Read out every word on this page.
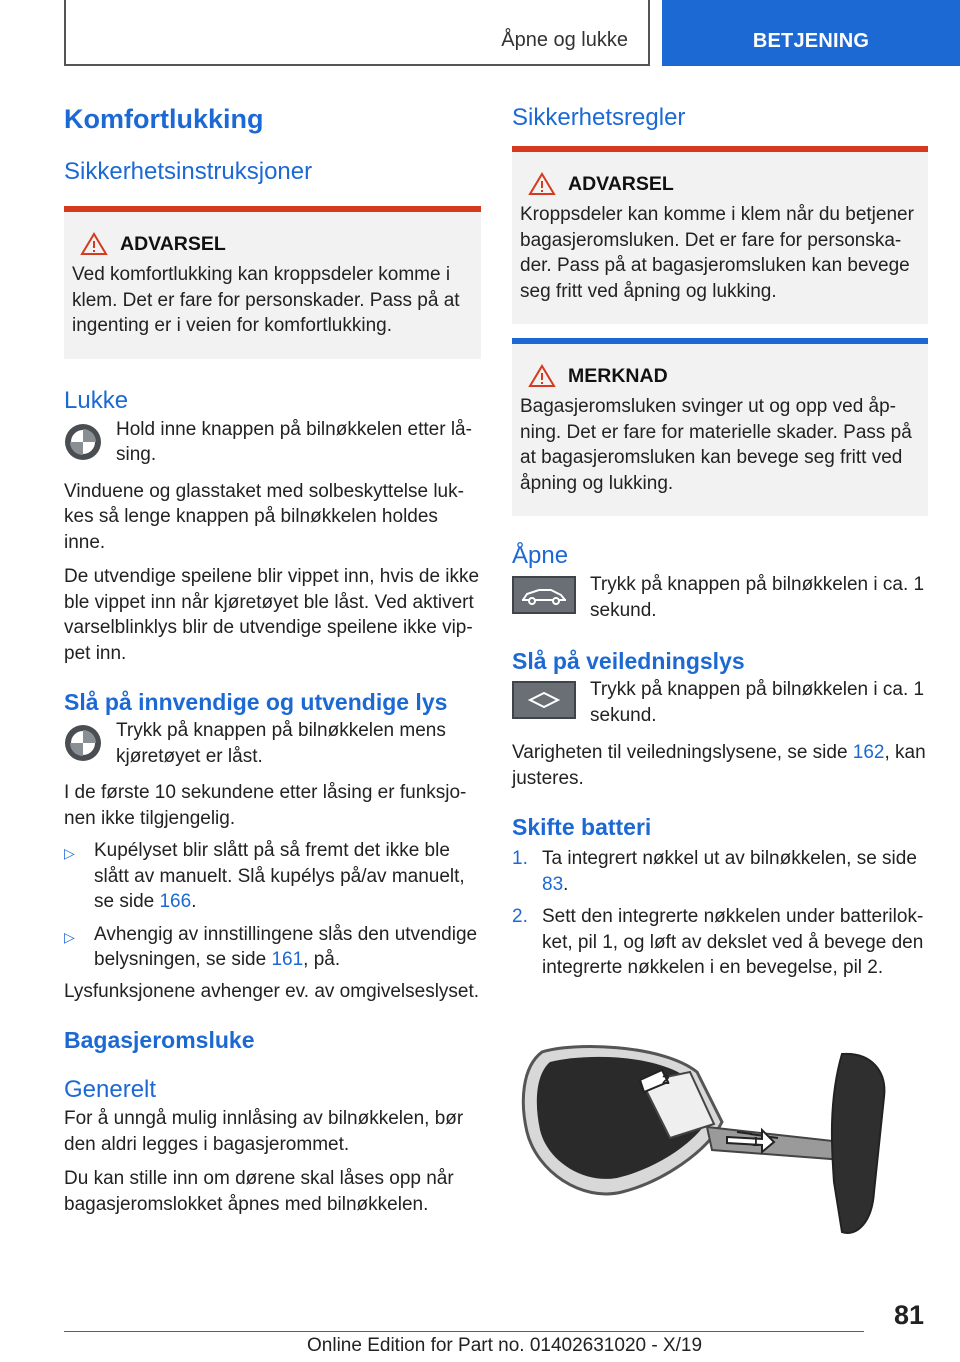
Åpne og lukke	BETJENING
Komfortlukking
Sikkerhetsinstruksjoner
ADVARSEL

Ved komfortlukking kan kroppsdeler komme i klem. Det er fare for personskader. Pass på at ingenting er i veien for komfortlukking.

Lukke

Hold inne knappen på bilnøkkelen etter lå-sing.

Vinduene og glasstaket med solbeskyttelse luk-kes så lenge knappen på bilnøkkelen holdes inne.

De utvendige speilene blir vippet inn, hvis de ikke ble vippet inn når kjøretøyet ble låst. Ved aktivert varselblinklys blir de utvendige speilene ikke vip-pet inn.

Slå på innvendige og utvendige lys

Trykk på knappen på bilnøkkelen mens kjøretøyet er låst.

I de første 10 sekundene etter låsing er funksjo-nen ikke tilgjengelig.

▷	Kupélyset blir slått på så fremt det ikke ble slått av manuelt. Slå kupélys på/av manuelt, se side 166.
▷	Avhengig av innstillingene slås den utvendige belysningen, se side 161, på.

Lysfunksjonene avhenger ev. av omgivelseslyset.

Bagasjeromsluke
Generelt

For å unngå mulig innlåsing av bilnøkkelen, bør den aldri legges i bagasjerommet.

Du kan stille inn om dørene skal låses opp når bagasjeromslokket åpnes med bilnøkkelen.

Sikkerhetsregler
ADVARSEL

Kroppsdeler kan komme i klem når du betjener bagasjeromsluken. Det er fare for personska-der. Pass på at bagasjeromsluken kan bevege seg fritt ved åpning og lukking.

MERKNAD

Bagasjeromsluken svinger ut og opp ved åp-ning. Det er fare for materielle skader. Pass på at bagasjeromsluken kan bevege seg fritt ved åpning og lukking.

Åpne

Trykk på knappen på bilnøkkelen i ca. 1 sekund.

Slå på veiledningslys

Trykk på knappen på bilnøkkelen i ca. 1 sekund.

Varigheten til veiledningslysene, se side 162, kan justeres.

Skifte batteri
1. Ta integrert nøkkel ut av bilnøkkelen, se side 83.
2. Sett den integrerte nøkkelen under batterilok-ket, pil 1, og løft av dekslet ved å bevege den integrerte nøkkelen i en bevegelse, pil 2.
2
1
81
Online Edition for Part no. 01402631020 - X/19
